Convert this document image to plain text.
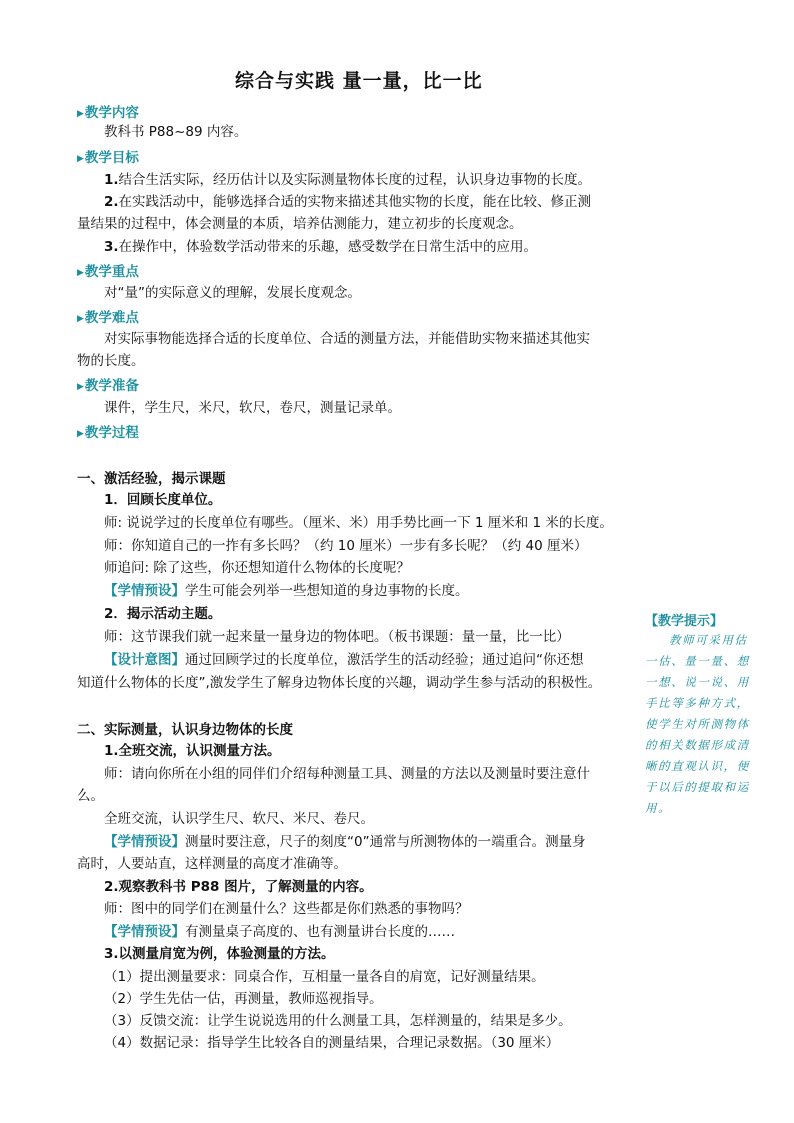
综合与实践 量一量，比一比
▶教学内容
教科书 P88~89 内容。
▶教学目标
1.结合生活实际，经历估计以及实际测量物体长度的过程，认识身边事物的长度。
2.在实践活动中，能够选择合适的实物来描述其他实物的长度，能在比较、修正测
量结果的过程中，体会测量的本质，培养估测能力，建立初步的长度观念。
3.在操作中，体验数学活动带来的乐趣，感受数学在日常生活中的应用。
▶教学重点
对“量”的实际意义的理解，发展长度观念。
▶教学难点
对实际事物能选择合适的长度单位、合适的测量方法，并能借助实物来描述其他实
物的长度。
▶教学准备
课件，学生尺，米尺，软尺，卷尺，测量记录单。
▶教学过程
一、激活经验，揭示课题
1．回顾长度单位。
师: 说说学过的长度单位有哪些。（厘米、米）用手势比画一下 1 厘米和 1 米的长度。
师：你知道自己的一拃有多长吗？（约 10 厘米）一步有多长呢？（约 40 厘米）
师追问: 除了这些，你还想知道什么物体的长度呢？
【学情预设】学生可能会列举一些想知道的身边事物的长度。
2．揭示活动主题。
师：这节课我们就一起来量一量身边的物体吧。（板书课题：量一量，比一比）
【设计意图】通过回顾学过的长度单位，激活学生的活动经验；通过追问“你还想
知道什么物体的长度”,激发学生了解身边物体长度的兴趣，调动学生参与活动的积极性。
二、实际测量，认识身边物体的长度
1.全班交流，认识测量方法。
师：请向你所在小组的同伴们介绍每种测量工具、测量的方法以及测量时要注意什
么。
全班交流，认识学生尺、软尺、米尺、卷尺。
【学情预设】测量时要注意，尺子的刻度“0”通常与所测物体的一端重合。测量身
高时，人要站直，这样测量的高度才准确等。
2.观察教科书 P88 图片，了解测量的内容。
师：图中的同学们在测量什么？这些都是你们熟悉的事物吗？
【学情预设】有测量桌子高度的、也有测量讲台长度的……
3.以测量肩宽为例，体验测量的方法。
（1）提出测量要求：同桌合作，互相量一量各自的肩宽，记好测量结果。
（2）学生先估一估，再测量，教师巡视指导。
（3）反馈交流：让学生说说选用的什么测量工具，怎样测量的，结果是多少。
（4）数据记录：指导学生比较各自的测量结果，合理记录数据。（30 厘米）
【教学提示】
教师可采用估一估、量一量、想一想、说一说、用手比等多种方式，使学生对所测物体的相关数据形成清晰的直观认识，便于以后的提取和运用。
